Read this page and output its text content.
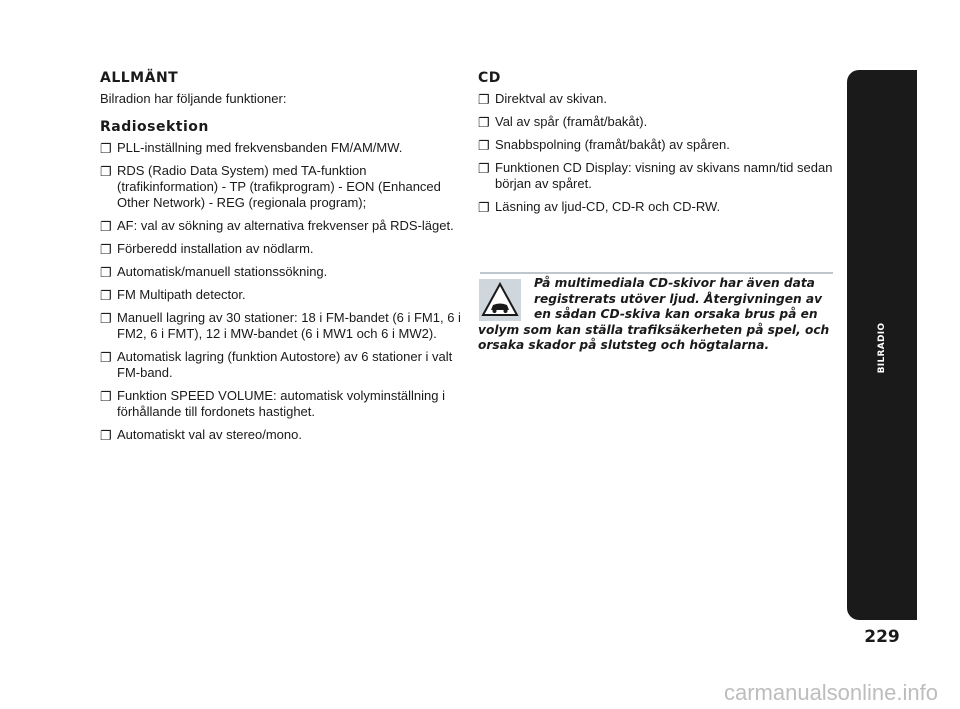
ALLMÄNT

Bilradion har följande funktioner:

Radiosektion
❐ PLL-inställning med frekvensbanden FM/AM/MW.
❐ RDS (Radio Data System) med TA-funktion (trafikinformation) - TP (trafikprogram) - EON (Enhanced Other Network) - REG (regionala program);
❐ AF: val av sökning av alternativa frekvenser på RDS-läget.
❐ Förberedd installation av nödlarm.
❐ Automatisk/manuell stationssökning.
❐ FM Multipath detector.
❐ Manuell lagring av 30 stationer: 18 i FM-bandet (6 i FM1, 6 i FM2, 6 i FMT), 12 i MW-bandet (6 i MW1 och 6 i MW2).
❐ Automatisk lagring (funktion Autostore) av 6 stationer i valt FM-band.
❐ Funktion SPEED VOLUME: automatisk volyminställning i förhållande till fordonets hastighet.
❐ Automatiskt val av stereo/mono.
CD
❐ Direktval av skivan.
❐ Val av spår (framåt/bakåt).
❐ Snabbspolning (framåt/bakåt) av spåren.
❐ Funktionen CD Display: visning av skivans namn/tid sedan början av spåret.
❐ Läsning av ljud-CD, CD-R och CD-RW.
På multimediala CD-skivor har även data registrerats utöver ljud. Återgivningen av en sådan CD-skiva kan orsaka brus på en volym som kan ställa trafiksäkerheten på spel, och orsaka skador på slutsteg och högtalarna.	BILRADIO
229
carmanualsonline.info
